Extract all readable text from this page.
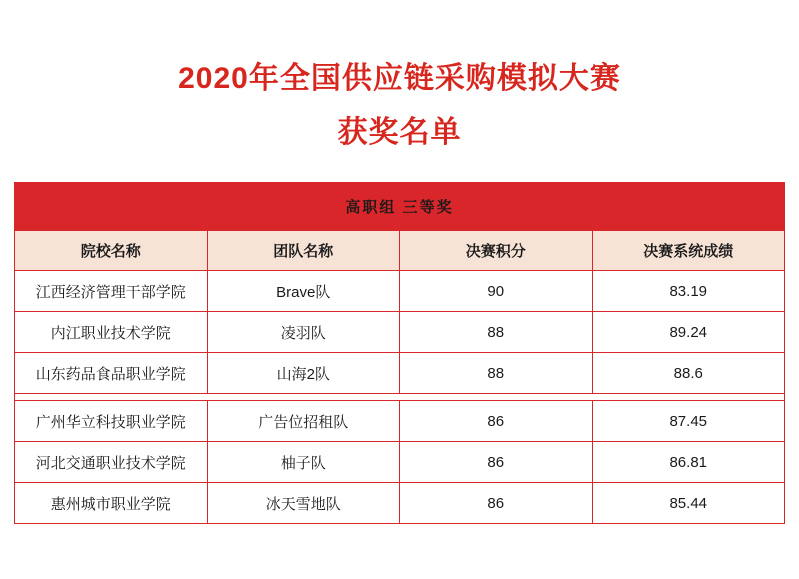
2020年全国供应链采购模拟大赛
获奖名单
高职组 三等奖			
院校名称	团队名称	决赛积分	决赛系统成绩
江西经济管理干部学院	Brave队	90	83.19
内江职业技术学院	凌羽队	88	89.24
山东药品食品职业学院	山海2队	88	88.6

广州华立科技职业学院	广告位招租队	86	87.45
河北交通职业技术学院	柚子队	86	86.81
惠州城市职业学院	冰天雪地队	86	85.44
